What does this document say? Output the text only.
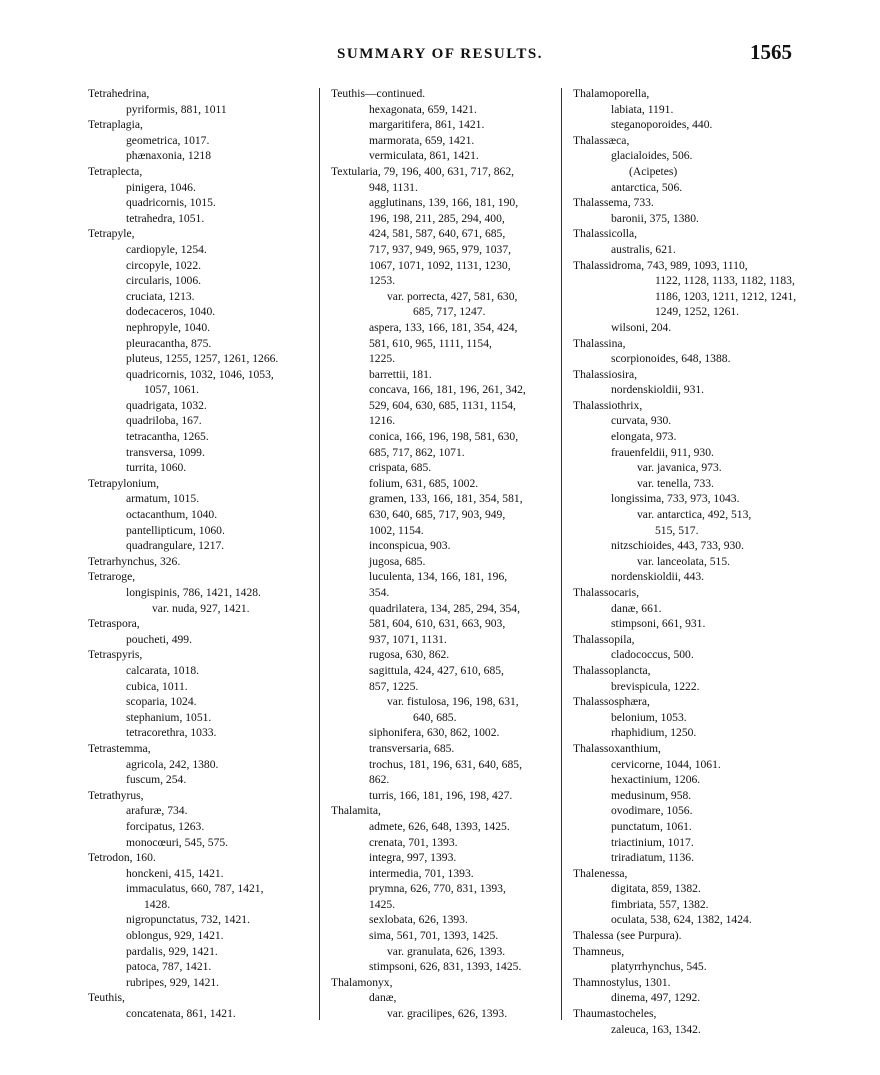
SUMMARY OF RESULTS.	1565
Tetrahedrina,
pyriformis, 881, 1011
Tetraplagia,
geometrica, 1017.
phænaxonia, 1218
Tetraplecta,
pinigera, 1046.
quadricornis, 1015.
tetrahedra, 1051.
Tetrapyle,
cardiopyle, 1254.
circopyle, 1022.
circularis, 1006.
cruciata, 1213.
dodecaceros, 1040.
nephropyle, 1040.
pleuracantha, 875.
pluteus, 1255, 1257, 1261, 1266.
quadricornis, 1032, 1046, 1053,
1057, 1061.
quadrigata, 1032.
quadriloba, 167.
tetracantha, 1265.
transversa, 1099.
turrita, 1060.
Tetrapylonium,
armatum, 1015.
octacanthum, 1040.
pantellipticum, 1060.
quadrangulare, 1217.
Tetrarhynchus, 326.
Tetraroge,
longispinis, 786, 1421, 1428.
var. nuda, 927, 1421.
Tetraspora,
poucheti, 499.
Tetraspyris,
calcarata, 1018.
cubica, 1011.
scoparia, 1024.
stephanium, 1051.
tetracorethra, 1033.
Tetrastemma,
agricola, 242, 1380.
fuscum, 254.
Tetrathyrus,
arafuræ, 734.
forcipatus, 1263.
monocœuri, 545, 575.
Tetrodon, 160.
honckeni, 415, 1421.
immaculatus, 660, 787, 1421,
1428.
nigropunctatus, 732, 1421.
oblongus, 929, 1421.
pardalis, 929, 1421.
patoca, 787, 1421.
rubripes, 929, 1421.
Teuthis,
concatenata, 861, 1421.
Teuthis—continued.
hexagonata, 659, 1421.
margaritifera, 861, 1421.
marmorata, 659, 1421.
vermiculata, 861, 1421.
Textularia, 79, 196, 400, 631, 717, 862,
948, 1131.
agglutinans, 139, 166, 181, 190,
196, 198, 211, 285, 294, 400,
424, 581, 587, 640, 671, 685,
717, 937, 949, 965, 979, 1037,
1067, 1071, 1092, 1131, 1230,
1253.
var. porrecta, 427, 581, 630,
685, 717, 1247.
aspera, 133, 166, 181, 354, 424,
581, 610, 965, 1111, 1154,
1225.
barrettii, 181.
concava, 166, 181, 196, 261, 342,
529, 604, 630, 685, 1131, 1154,
1216.
conica, 166, 196, 198, 581, 630,
685, 717, 862, 1071.
crispata, 685.
folium, 631, 685, 1002.
gramen, 133, 166, 181, 354, 581,
630, 640, 685, 717, 903, 949,
1002, 1154.
inconspicua, 903.
jugosa, 685.
luculenta, 134, 166, 181, 196,
354.
quadrilatera, 134, 285, 294, 354,
581, 604, 610, 631, 663, 903,
937, 1071, 1131.
rugosa, 630, 862.
sagittula, 424, 427, 610, 685,
857, 1225.
var. fistulosa, 196, 198, 631,
640, 685.
siphonifera, 630, 862, 1002.
transversaria, 685.
trochus, 181, 196, 631, 640, 685,
862.
turris, 166, 181, 196, 198, 427.
Thalamita,
admete, 626, 648, 1393, 1425.
crenata, 701, 1393.
integra, 997, 1393.
intermedia, 701, 1393.
prymna, 626, 770, 831, 1393,
1425.
sexlobata, 626, 1393.
sima, 561, 701, 1393, 1425.
var. granulata, 626, 1393.
stimpsoni, 626, 831, 1393, 1425.
Thalamonyx,
danæ,
var. gracilipes, 626, 1393.
Thalamoporella,
labiata, 1191.
steganoporoides, 440.
Thalassæca,
glacialoides, 506.
(Acipetes)
antarctica, 506.
Thalassema, 733.
baronii, 375, 1380.
Thalassicolla,
australis, 621.
Thalassidroma, 743, 989, 1093, 1110,
1122, 1128, 1133, 1182, 1183,
1186, 1203, 1211, 1212, 1241,
1249, 1252, 1261.
wilsoni, 204.
Thalassina,
scorpionoides, 648, 1388.
Thalassiosira,
nordenskioldii, 931.
Thalassiothrix,
curvata, 930.
elongata, 973.
frauenfeldii, 911, 930.
var. javanica, 973.
var. tenella, 733.
longissima, 733, 973, 1043.
var. antarctica, 492, 513,
515, 517.
nitzschioides, 443, 733, 930.
var. lanceolata, 515.
nordenskioldii, 443.
Thalassocaris,
danæ, 661.
stimpsoni, 661, 931.
Thalassopila,
cladococcus, 500.
Thalassoplancta,
brevispicula, 1222.
Thalassosphæra,
belonium, 1053.
rhaphidium, 1250.
Thalassoxanthium,
cervicorne, 1044, 1061.
hexactinium, 1206.
medusinum, 958.
ovodimare, 1056.
punctatum, 1061.
triactinium, 1017.
triradiatum, 1136.
Thalenessa,
digitata, 859, 1382.
fimbriata, 557, 1382.
oculata, 538, 624, 1382, 1424.
Thalessa (see Purpura).
Thamneus,
platyrrhynchus, 545.
Thamnostylus, 1301.
dinema, 497, 1292.
Thaumastocheles,
zaleuca, 163, 1342.
